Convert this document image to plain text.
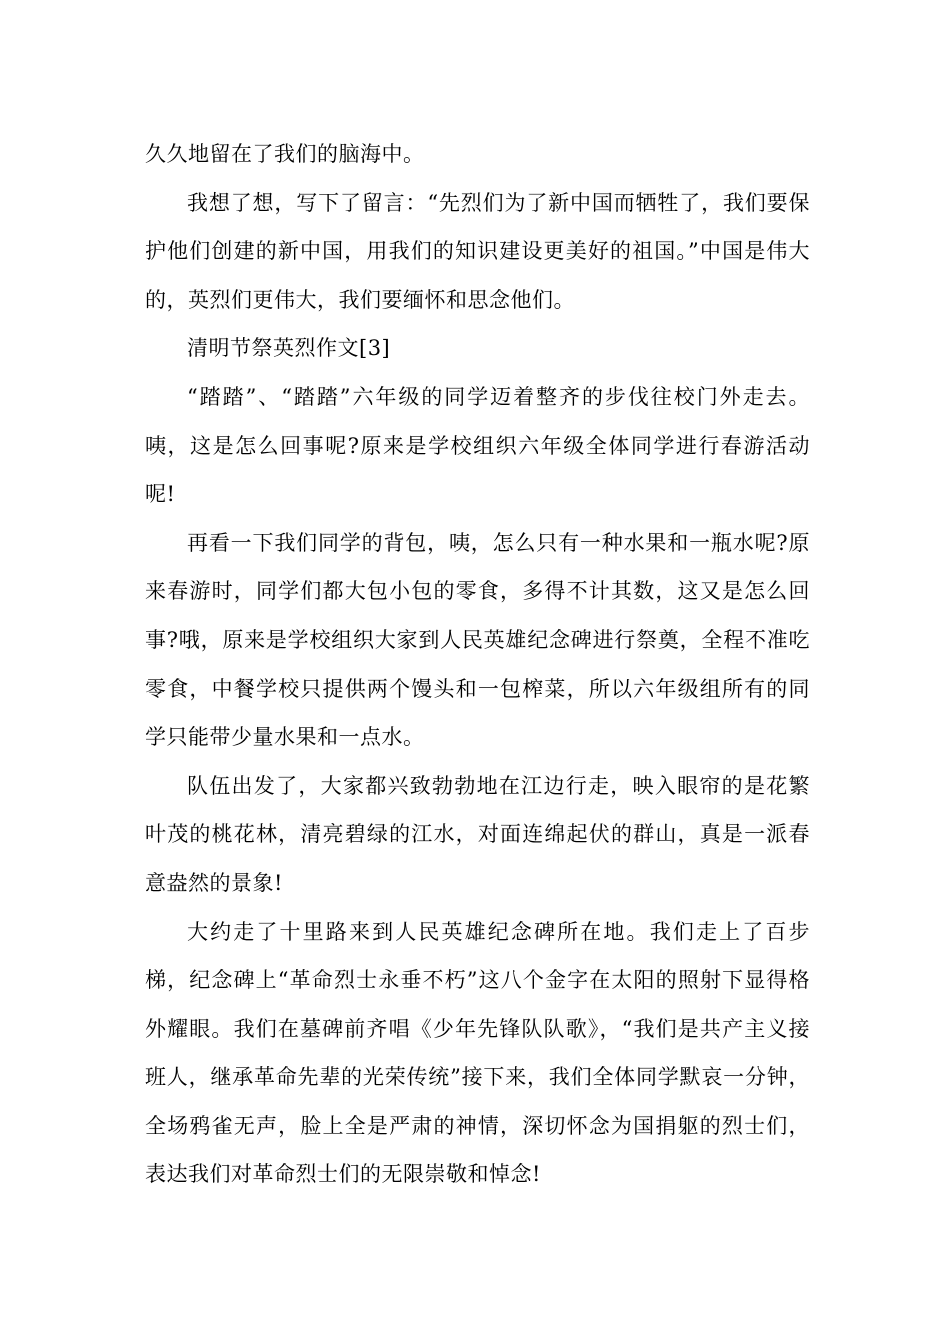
久久地留在了我们的脑海中。

我想了想，写下了留言：“先烈们为了新中国而牺牲了，我们要保护他们创建的新中国，用我们的知识建设更美好的祖国。”中国是伟大的，英烈们更伟大，我们要缅怀和思念他们。

清明节祭英烈作文[3]

“踏踏”、“踏踏”六年级的同学迈着整齐的步伐往校门外走去。咦，这是怎么回事呢?原来是学校组织六年级全体同学进行春游活动呢!

再看一下我们同学的背包，咦，怎么只有一种水果和一瓶水呢?原来春游时，同学们都大包小包的零食，多得不计其数，这又是怎么回事?哦，原来是学校组织大家到人民英雄纪念碑进行祭奠，全程不准吃零食，中餐学校只提供两个馒头和一包榨菜，所以六年级组所有的同学只能带少量水果和一点水。

队伍出发了，大家都兴致勃勃地在江边行走，映入眼帘的是花繁叶茂的桃花林，清亮碧绿的江水，对面连绵起伏的群山，真是一派春意盎然的景象!

大约走了十里路来到人民英雄纪念碑所在地。我们走上了百步梯，纪念碑上“革命烈士永垂不朽”这八个金字在太阳的照射下显得格外耀眼。我们在墓碑前齐唱《少年先锋队队歌》，“我们是共产主义接班人，继承革命先辈的光荣传统”接下来，我们全体同学默哀一分钟，全场鸦雀无声，脸上全是严肃的神情，深切怀念为国捐躯的烈士们，表达我们对革命烈士们的无限崇敬和悼念!
